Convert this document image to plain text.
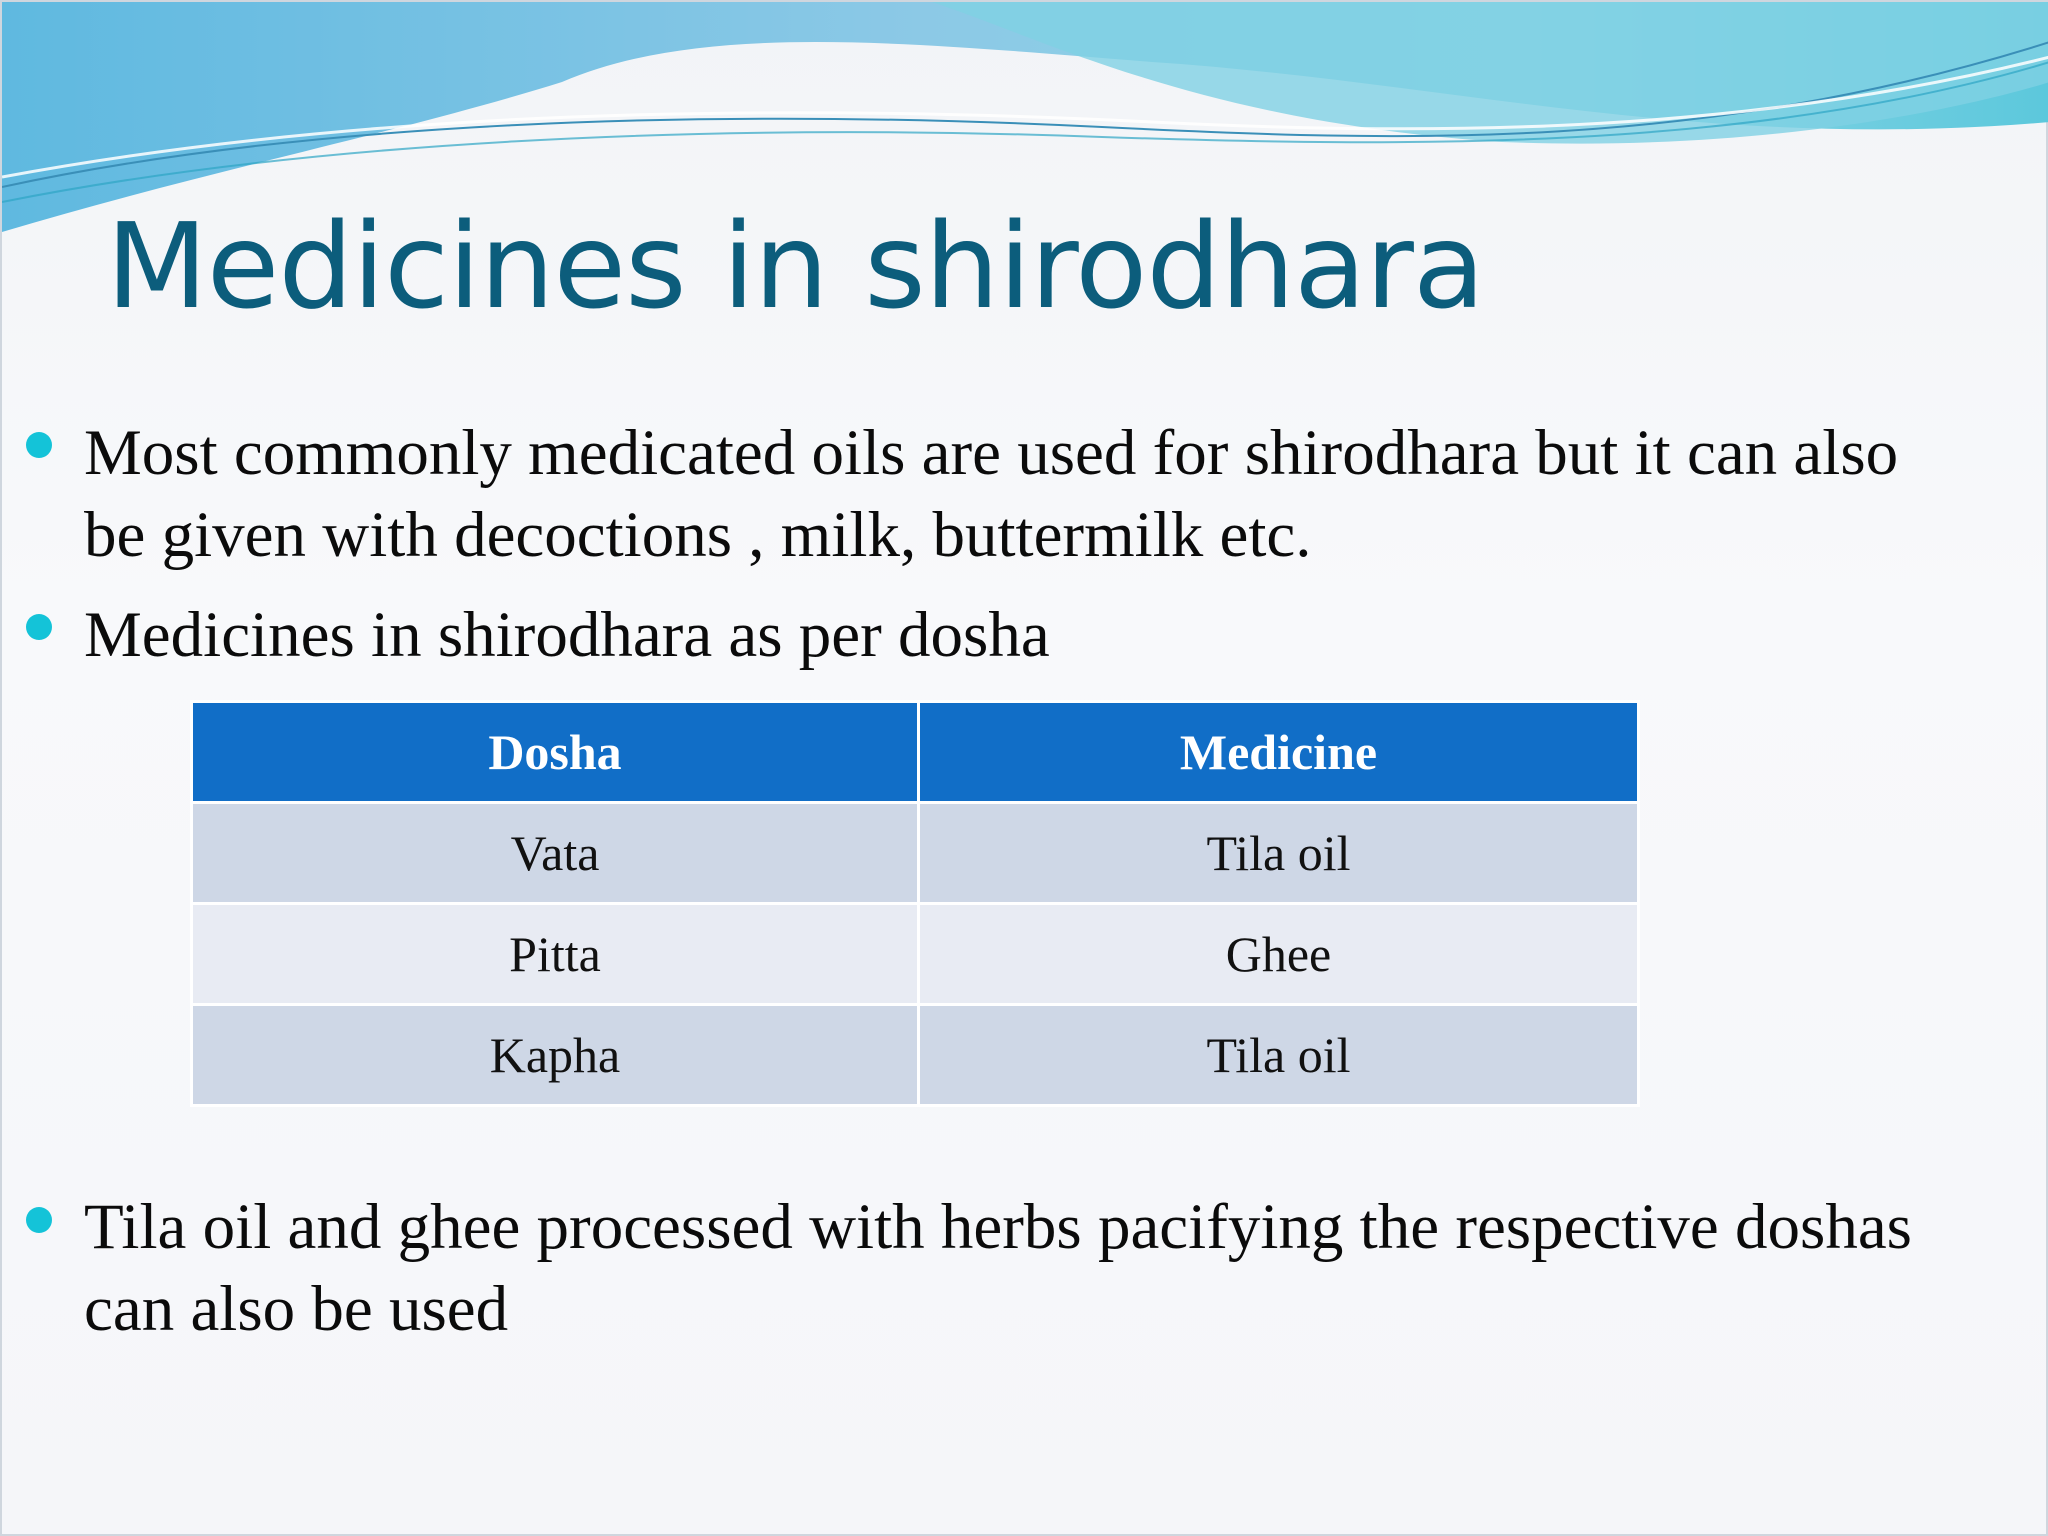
Medicines in shirodhara
Most commonly medicated oils are used for shirodhara but it can also be given with decoctions , milk, buttermilk etc.
Medicines in shirodhara as per dosha
Dosha	Medicine
Vata	Tila oil
Pitta	Ghee
Kapha	Tila oil
Tila oil and ghee processed with herbs pacifying the respective doshas can also be used
